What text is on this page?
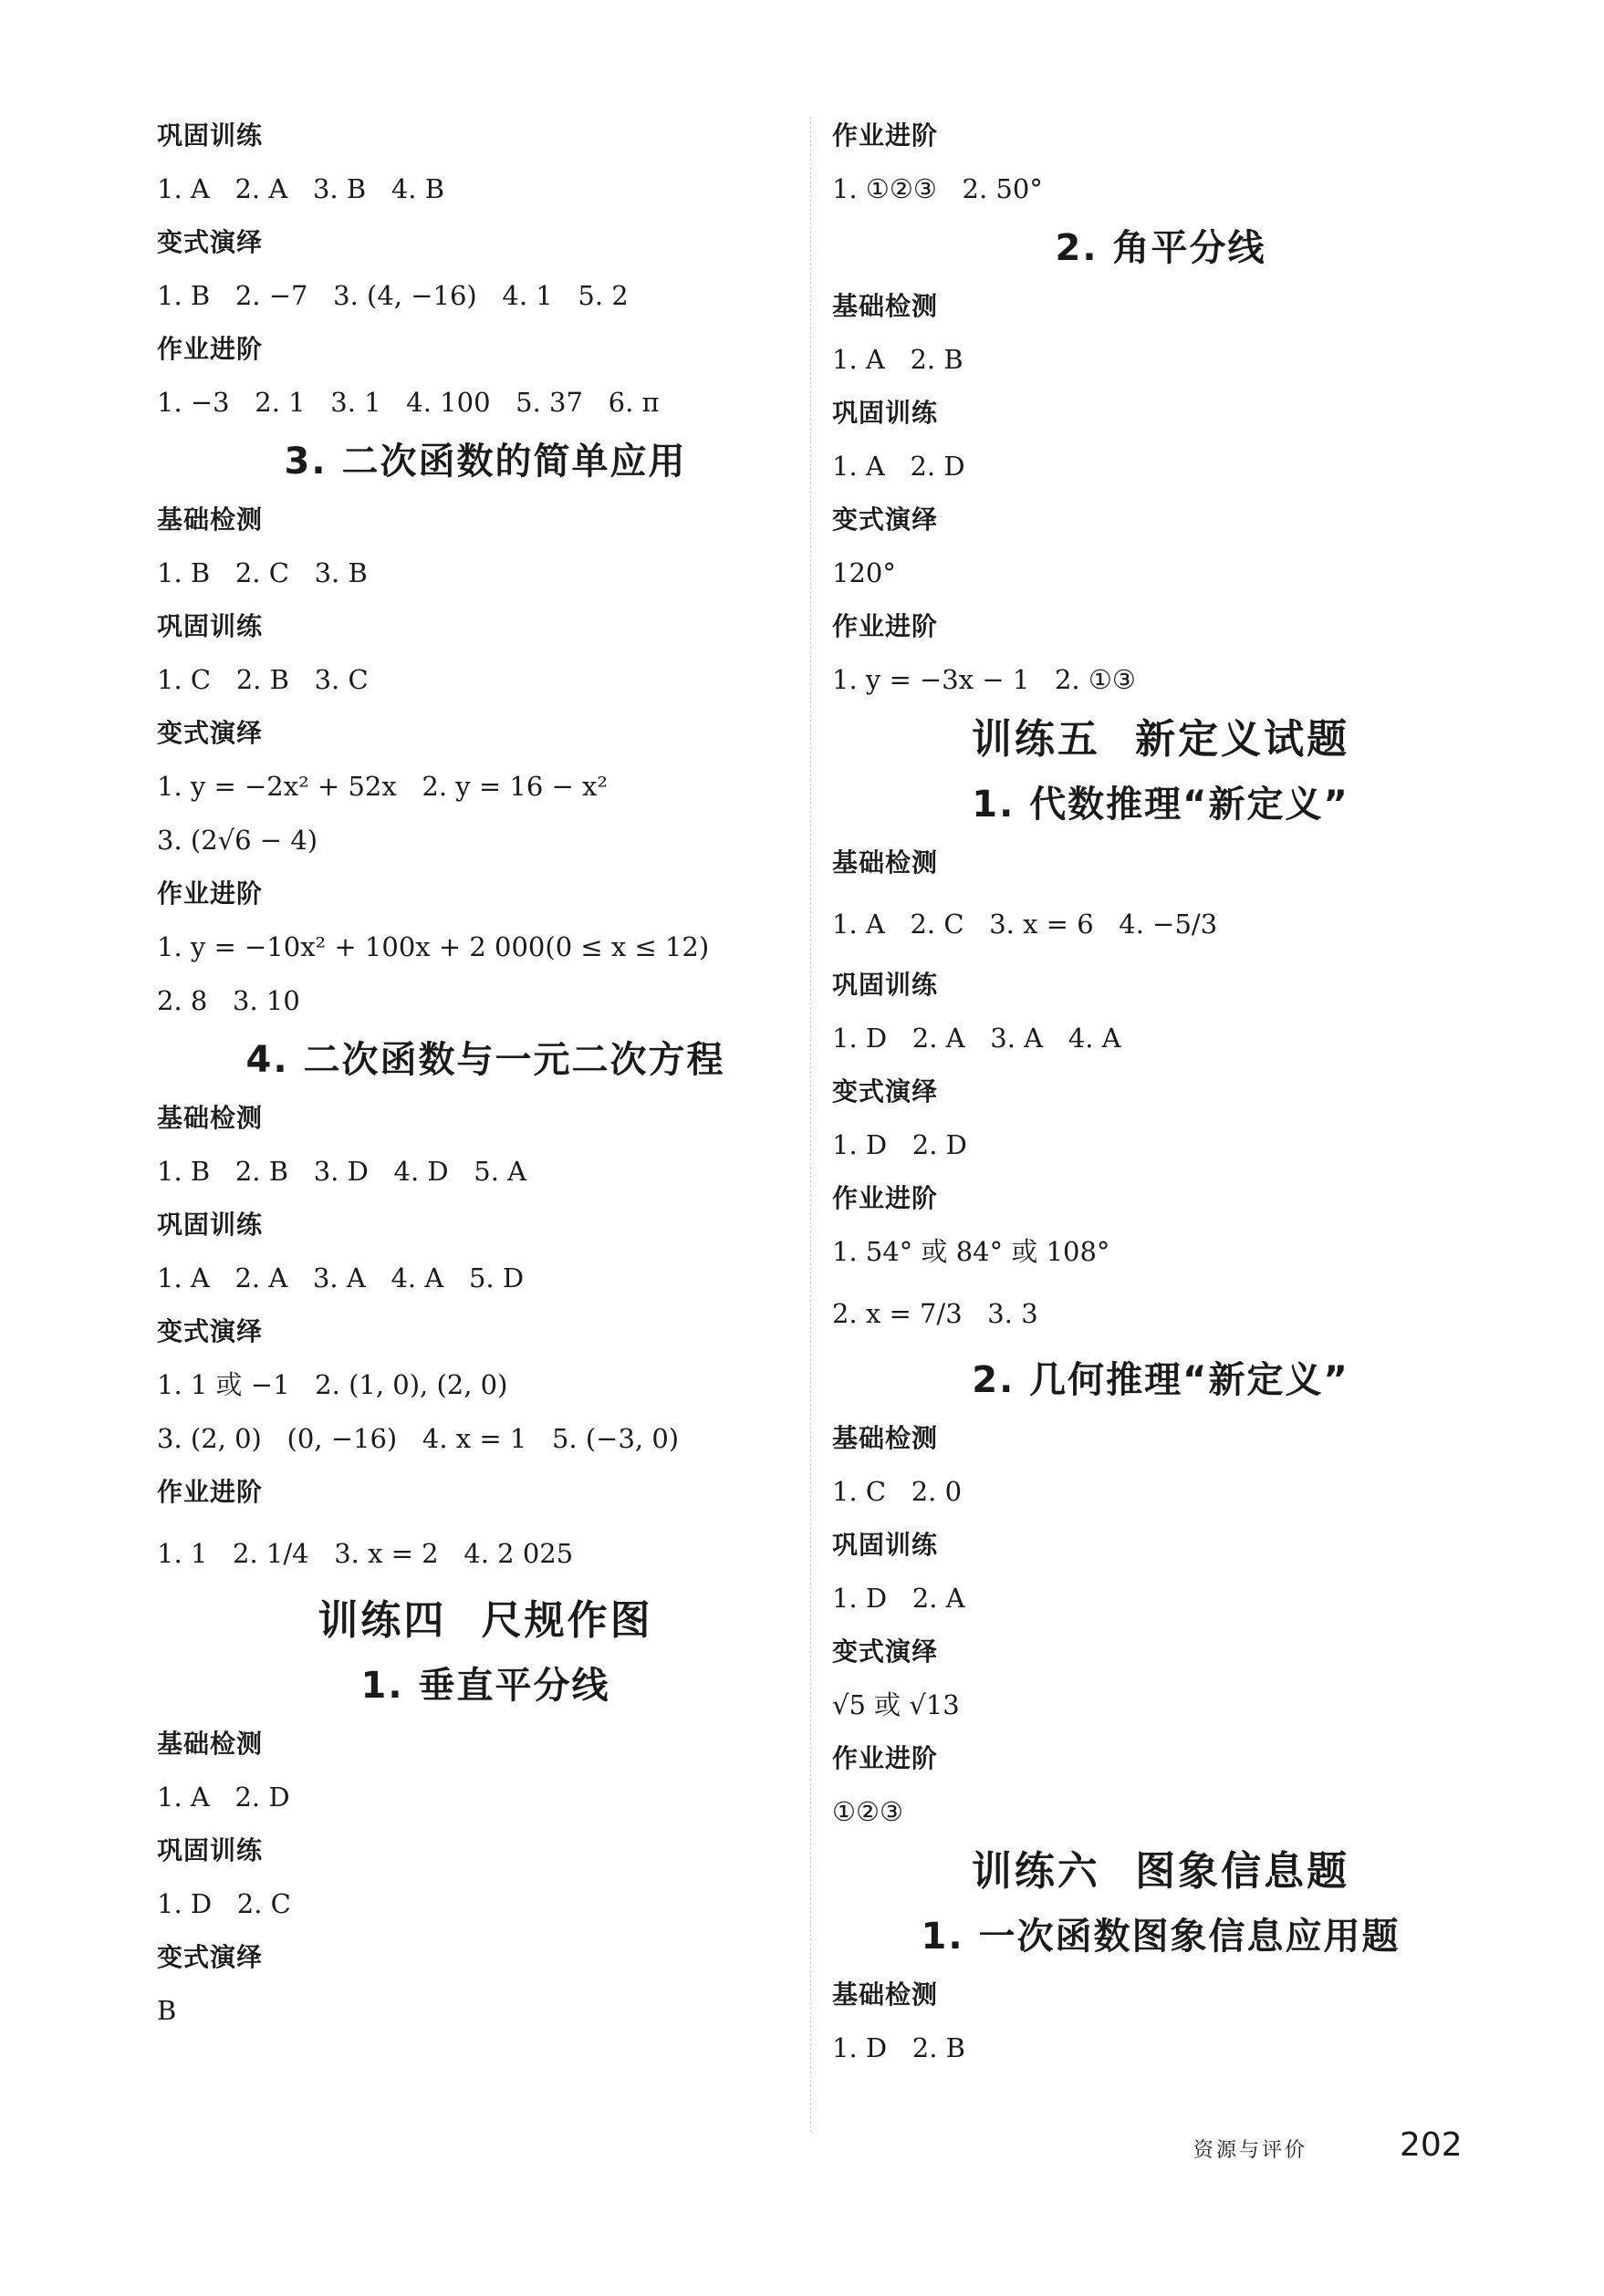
巩固训练
1. A   2. A   3. B   4. B
变式演绎
1. B   2. −7   3. (4, −16)   4. 1   5. 2
作业进阶
1. −3   2. 1   3. 1   4. 100   5. 37   6. π
3. 二次函数的简单应用
基础检测
1. B   2. C   3. B
巩固训练
1. C   2. B   3. C
变式演绎
1. y = −2x² + 52x   2. y = 16 − x²
3. (2√6 − 4)
作业进阶
1. y = −10x² + 100x + 2 000(0 ≤ x ≤ 12)
2. 8   3. 10
4. 二次函数与一元二次方程
基础检测
1. B   2. B   3. D   4. D   5. A
巩固训练
1. A   2. A   3. A   4. A   5. D
变式演绎
1. 1 或 −1   2. (1, 0), (2, 0)
3. (2, 0)   (0, −16)   4. x = 1   5. (−3, 0)
作业进阶
1. 1   2. 1/4   3. x = 2   4. 2 025
训练四 尺规作图
1. 垂直平分线
基础检测
1. A   2. D
巩固训练
1. D   2. C
变式演绎
B
作业进阶
1. ①②③   2. 50°
2. 角平分线
基础检测
1. A   2. B
巩固训练
1. A   2. D
变式演绎
120°
作业进阶
1. y = −3x − 1   2. ①③
训练五 新定义试题
1. 代数推理“新定义”
基础检测
1. A   2. C   3. x = 6   4. −5/3
巩固训练
1. D   2. A   3. A   4. A
变式演绎
1. D   2. D
作业进阶
1. 54° 或 84° 或 108°
2. x = 7/3   3. 3
2. 几何推理“新定义”
基础检测
1. C   2. 0
巩固训练
1. D   2. A
变式演绎
√5 或 √13
作业进阶
①②③
训练六 图象信息题
1. 一次函数图象信息应用题
基础检测
1. D   2. B
资源与评价	202
